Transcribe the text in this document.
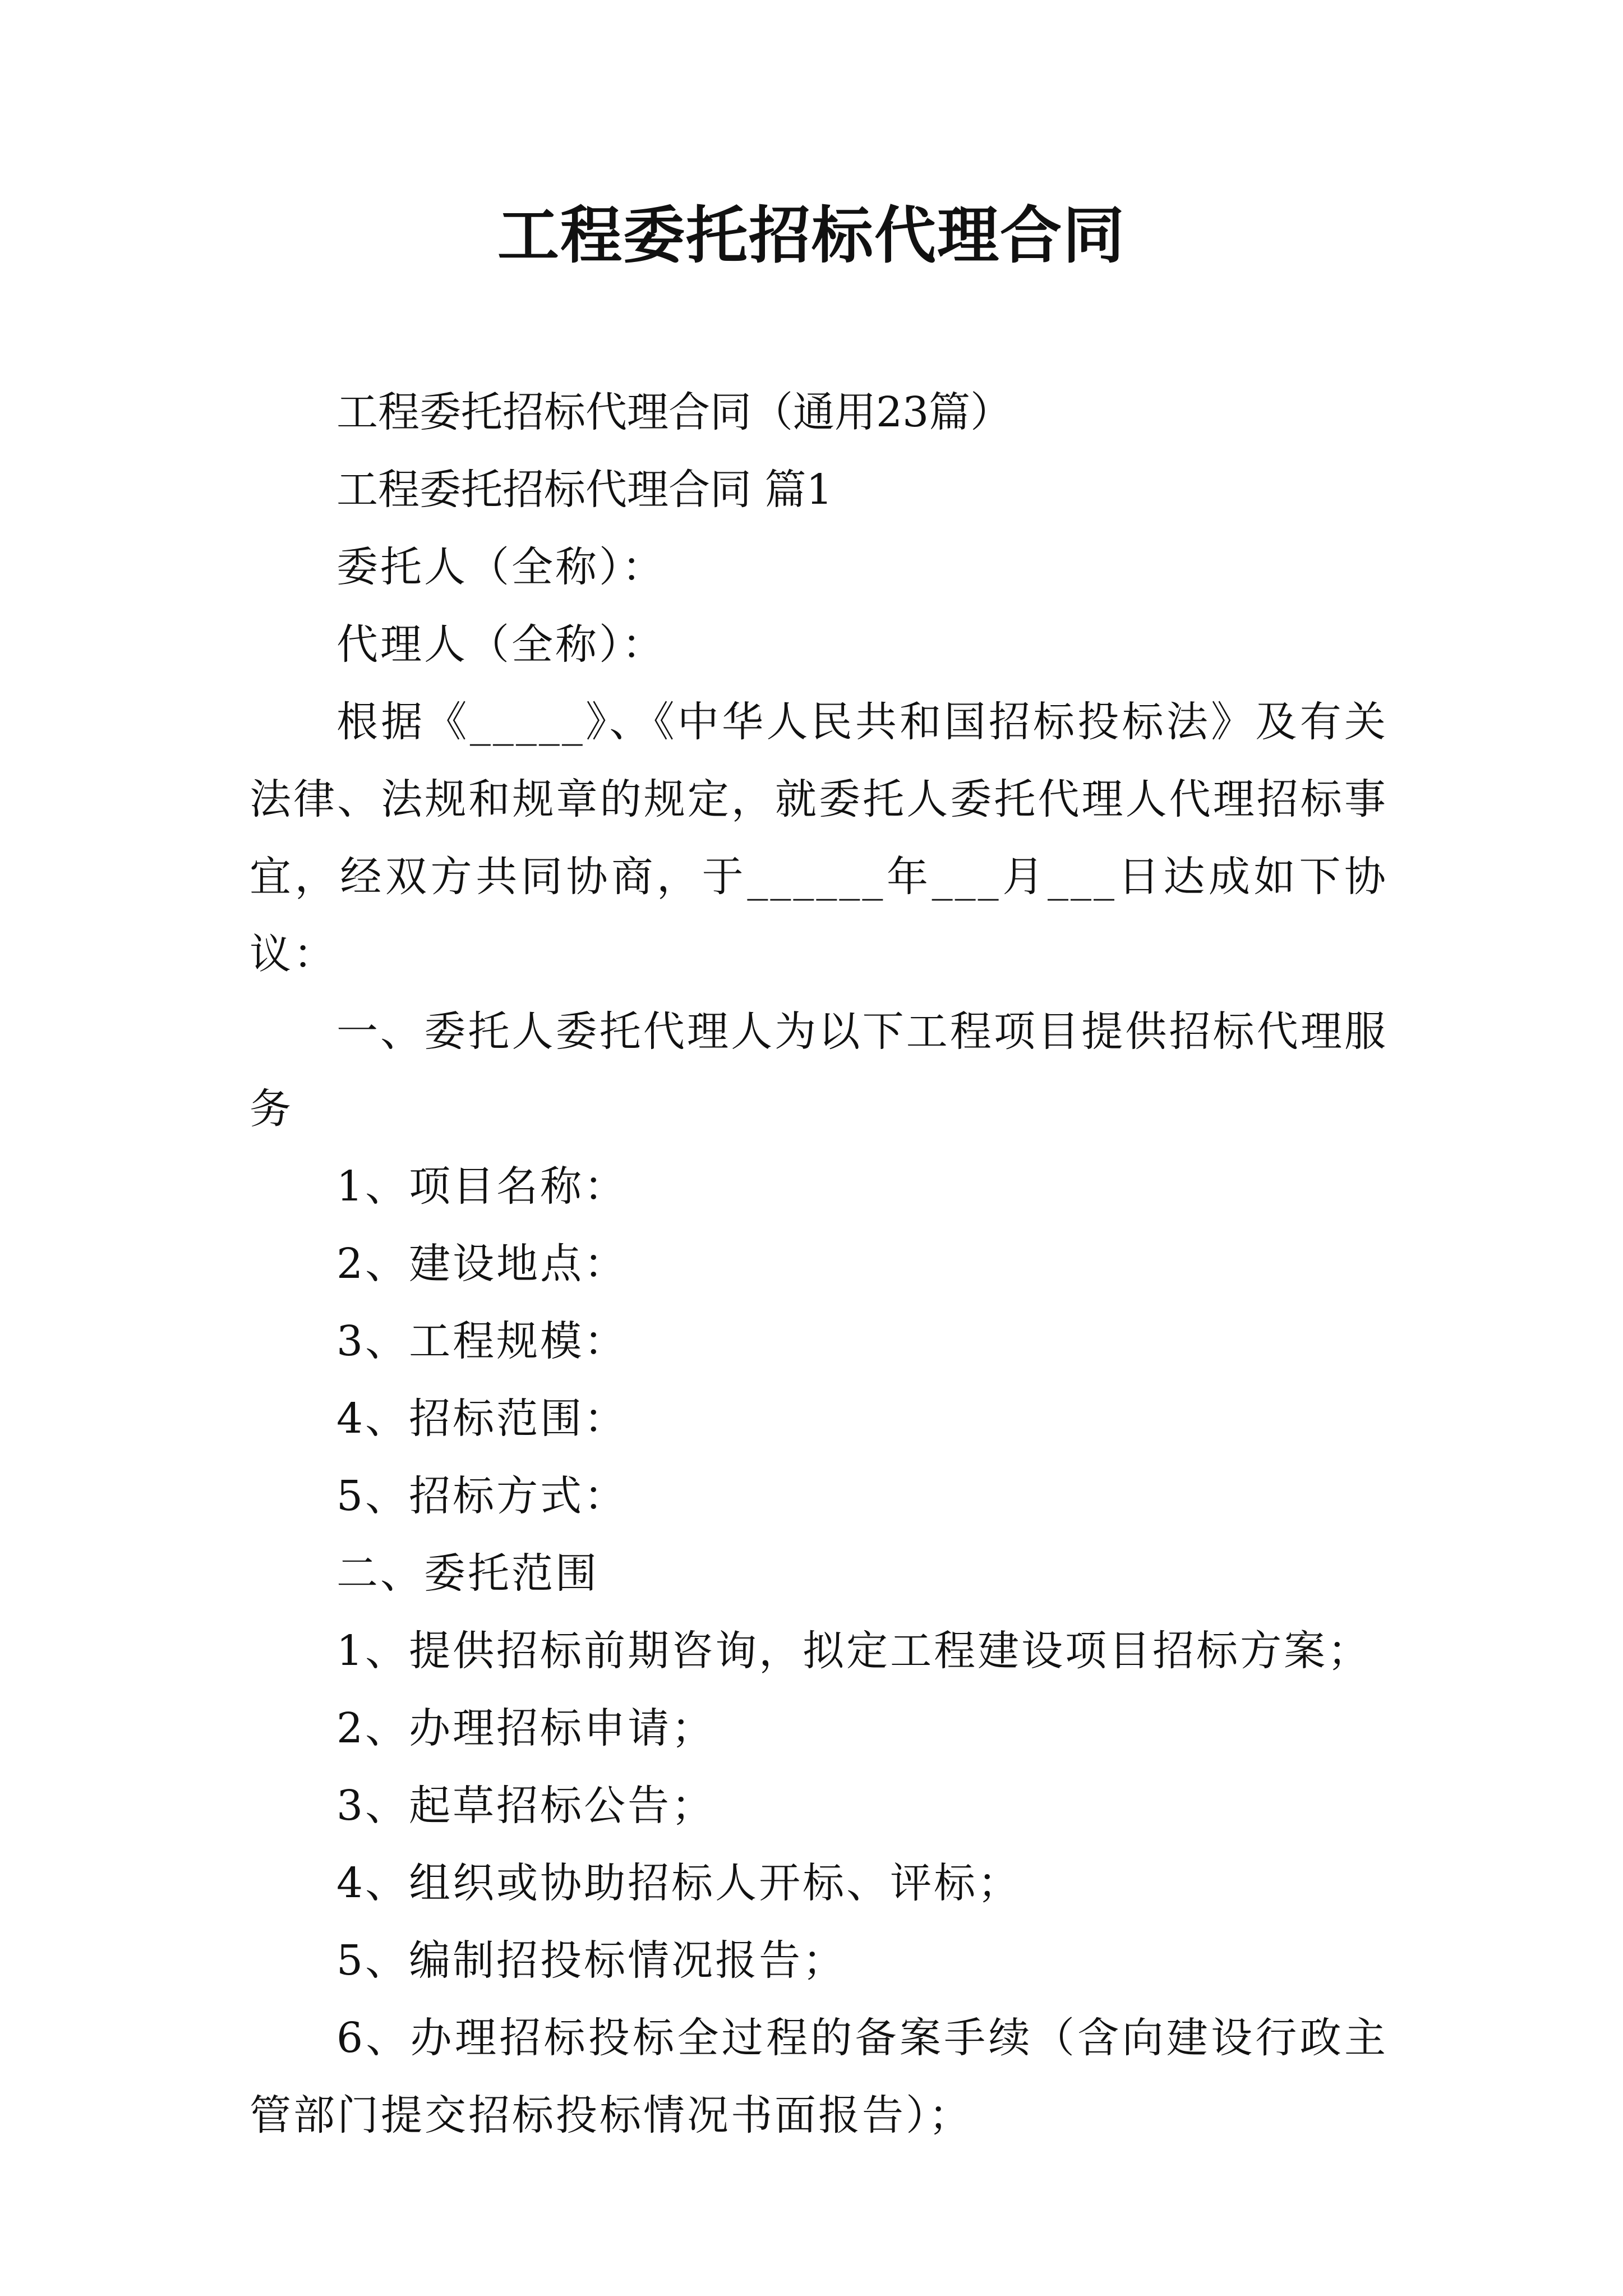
工程委托招标代理合同

工程委托招标代理合同（通用23篇）

工程委托招标代理合同 篇1

委托人（全称）：

代理人（全称）：

根据《_____》、《中华人民共和国招标投标法》及有关法律、法规和规章的规定，就委托人委托代理人代理招标事宜，经双方共同协商，于______年___月___日达成如下协议：

一、委托人委托代理人为以下工程项目提供招标代理服务

1、项目名称：

2、建设地点：

3、工程规模：

4、招标范围：

5、招标方式：

二、委托范围

1、提供招标前期咨询，拟定工程建设项目招标方案；

2、办理招标申请；

3、起草招标公告；

4、组织或协助招标人开标、评标；

5、编制招投标情况报告；

6、办理招标投标全过程的备案手续（含向建设行政主管部门提交招标投标情况书面报告）；
